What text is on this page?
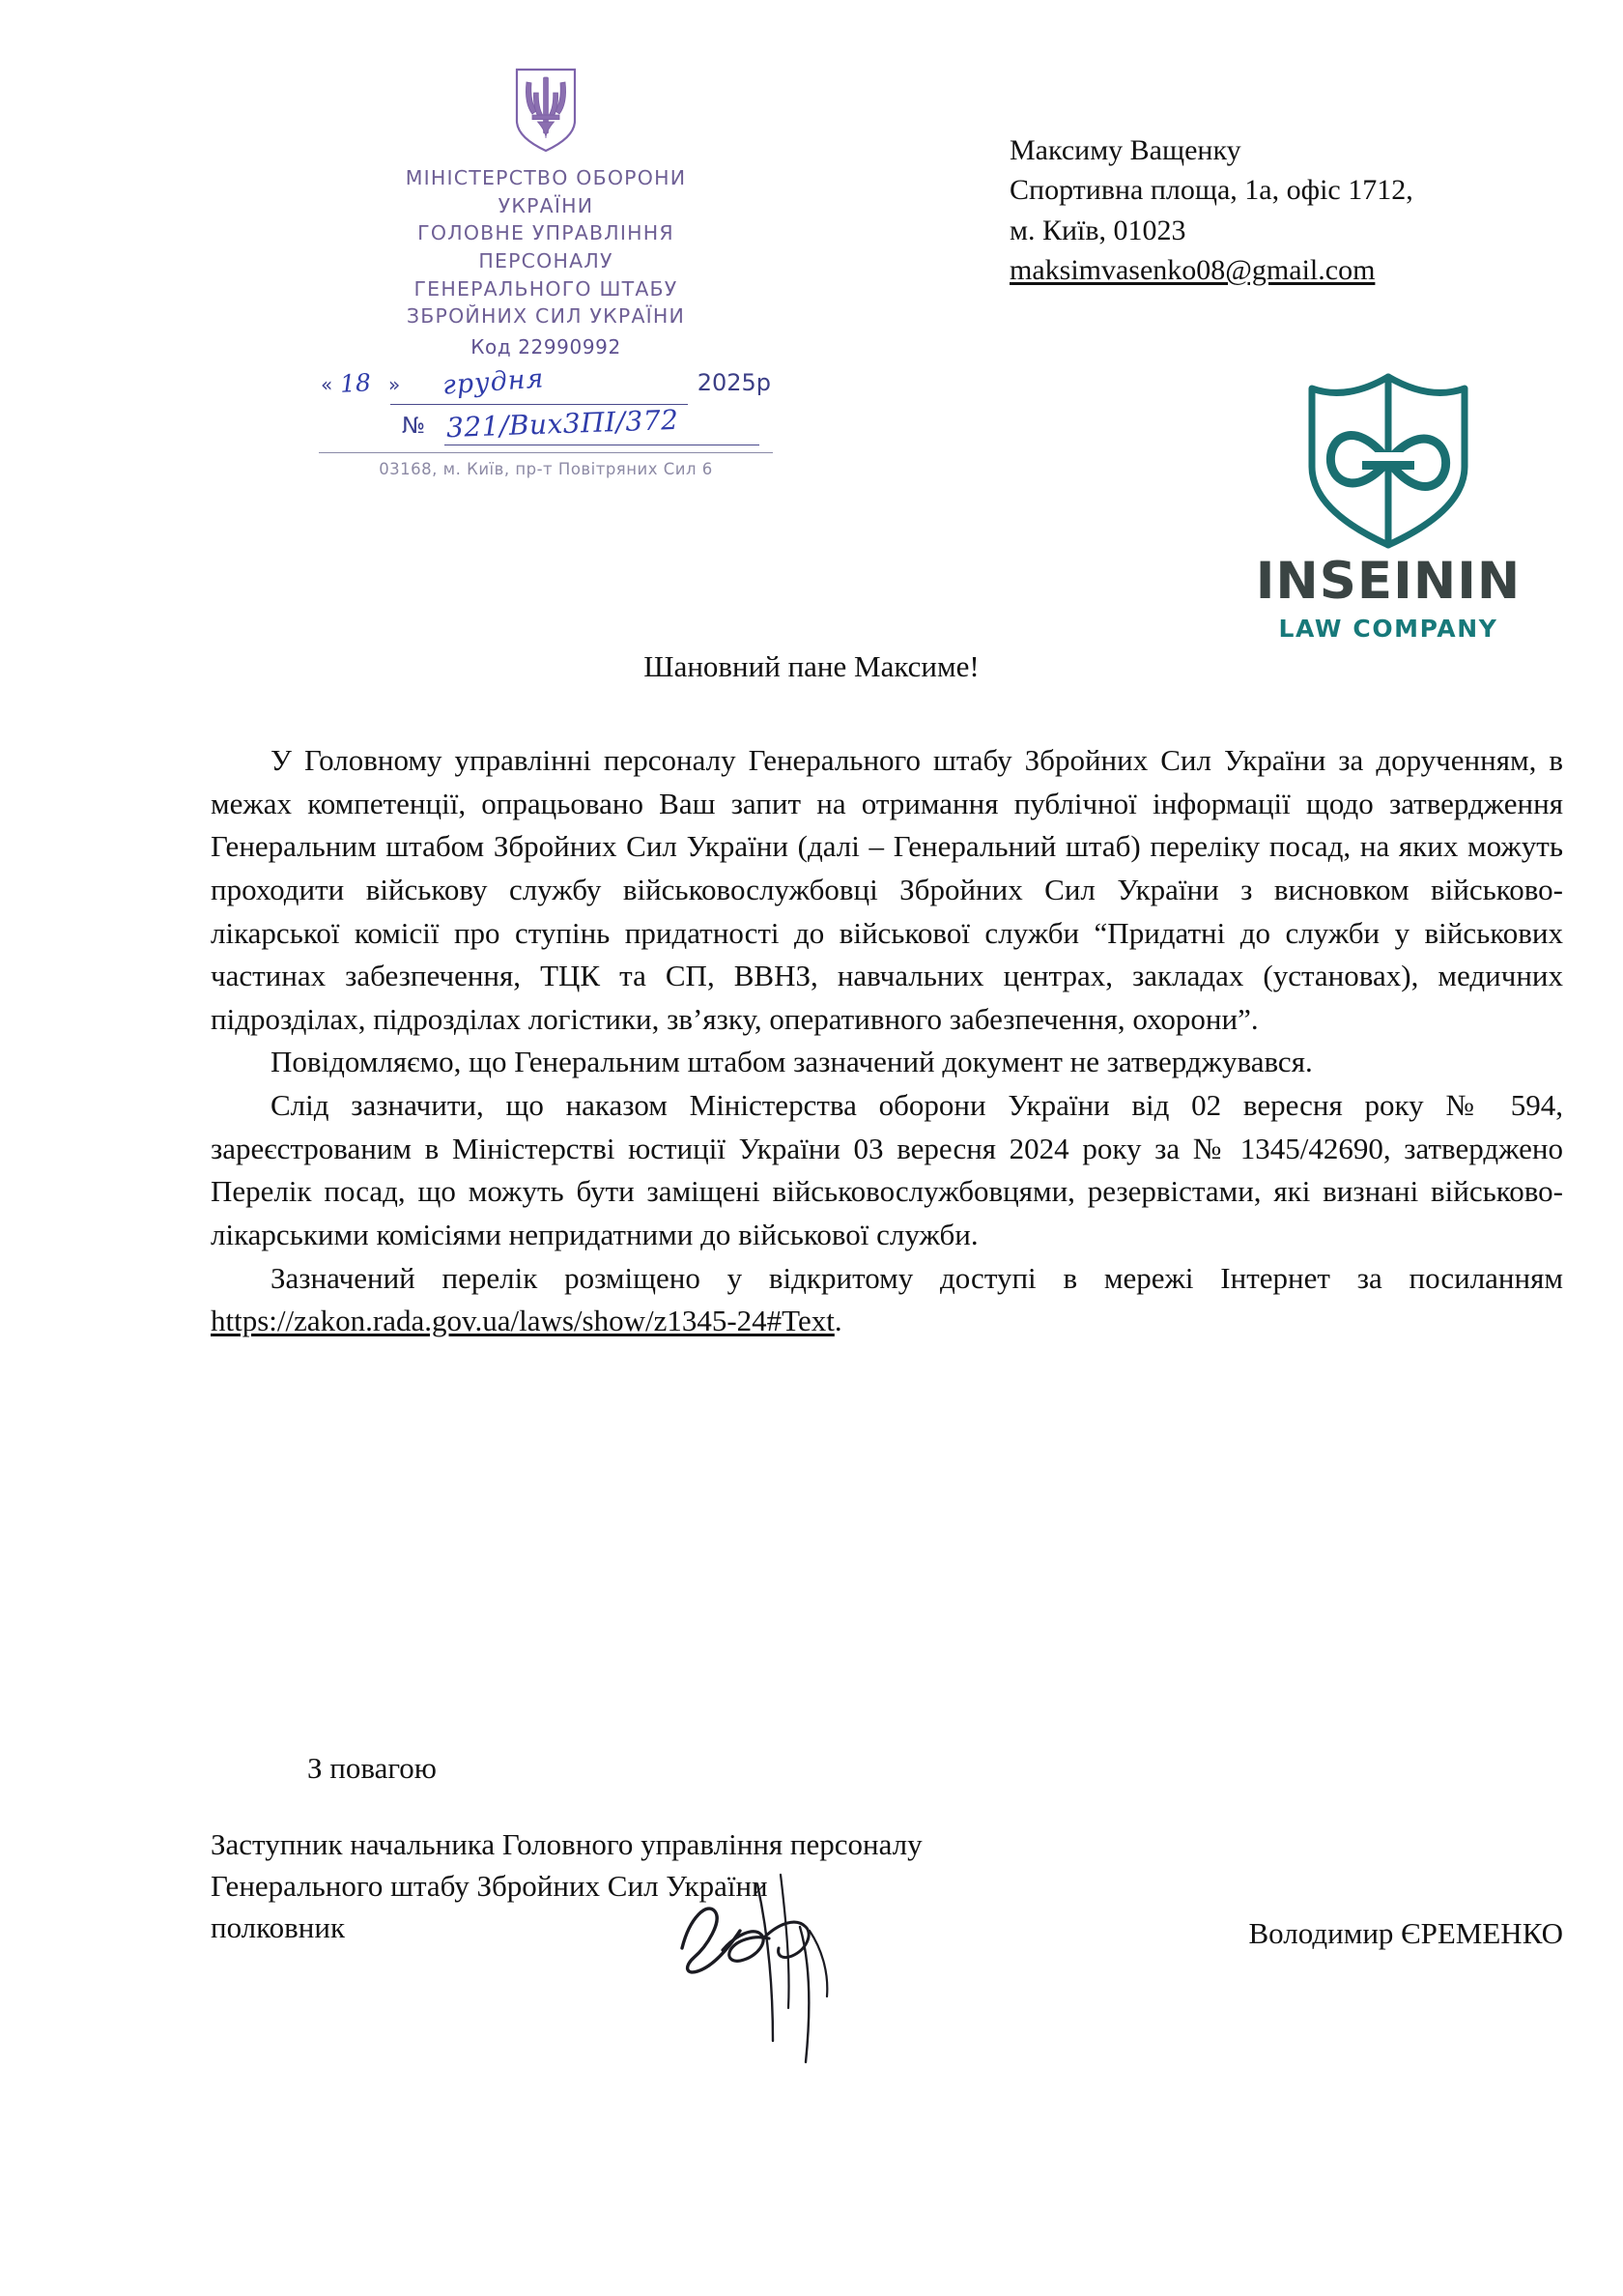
МІНІСТЕРСТВО ОБОРОНИ
УКРАЇНИ
ГОЛОВНЕ УПРАВЛІННЯ
ПЕРСОНАЛУ
ГЕНЕРАЛЬНОГО ШТАБУ
ЗБРОЙНИХ СИЛ УКРАЇНИ
Код 22990992
« 18 » грудня	2025р
№ 321/Вих3ПІ/372
03168, м. Київ, пр-т Повітряних Сил 6
Максиму Ващенку
Спортивна площа, 1а, офіс 1712,
м. Київ, 01023
maksimvasenko08@gmail.com
INSEININ
LAW COMPANY
Шановний пане Максиме!

У Головному управлінні персоналу Генерального штабу Збройних Сил України за дорученням, в межах компетенції, опрацьовано Ваш запит на отримання публічної інформації щодо затвердження Генеральним штабом Збройних Сил України (далі – Генеральний штаб) переліку посад, на яких можуть проходити військову службу військовослужбовці Збройних Сил України з висновком військово-лікарської комісії про ступінь придатності до військової служби “Придатні до служби у військових частинах забезпечення, ТЦК та СП, ВВНЗ, навчальних центрах, закладах (установах), медичних підрозділах, підрозділах логістики, зв’язку, оперативного забезпечення, охорони”.

Повідомляємо, що Генеральним штабом зазначений документ не затверджувався.

Слід зазначити, що наказом Міністерства оборони України від 02 вересня року № 594, зареєстрованим в Міністерстві юстиції України 03 вересня 2024 року за № 1345/42690, затверджено Перелік посад, що можуть бути заміщені військовослужбовцями, резервістами, які визнані військово-лікарськими комісіями непридатними до військової служби.

Зазначений перелік розміщено у відкритому доступі в мережі Інтернет за посиланням https://zakon.rada.gov.ua/laws/show/z1345-24#Text.

З повагою
Заступник начальника Головного управління персоналу
Генерального штабу Збройних Сил України
полковник	Володимир ЄРЕМЕНКО
